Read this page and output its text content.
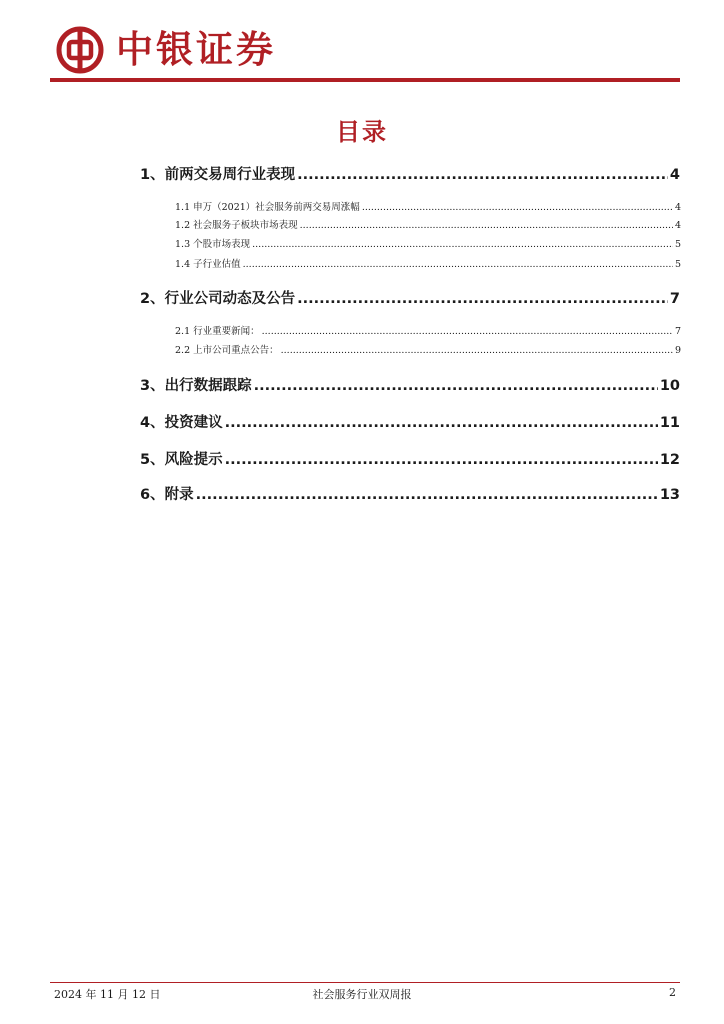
中银证券
目录
1、前两交易周行业表现 .....	4
1.1 申万（2021）社会服务前两交易周涨幅 .....	4
1.2 社会服务子板块市场表现 .....	4
1.3 个股市场表现 .....	5
1.4 子行业估值 .....	5
2、行业公司动态及公告 .....	7
2.1 行业重要新闻： .....	7
2.2 上市公司重点公告： .....	9
3、出行数据跟踪 .....	10
4、投资建议 .....	11
5、风险提示 .....	12
6、附录 .....	13
2024 年 11 月 12 日	社会服务行业双周报	2
